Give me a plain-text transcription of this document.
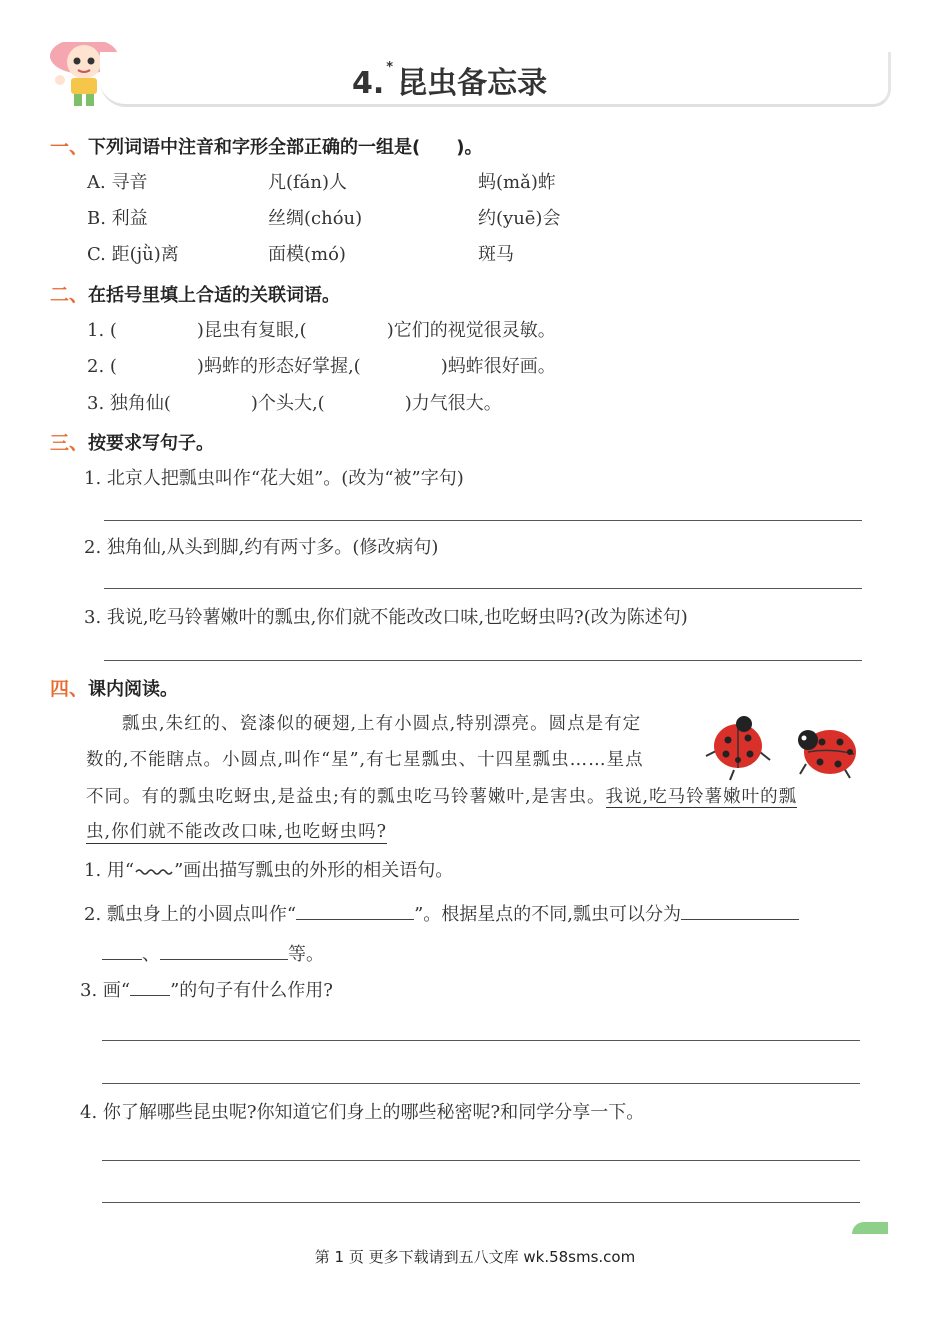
4. * 昆虫备忘录
一、下列词语中注音和字形全部正确的一组是(　　)。
A. 寻音	凡(fán)人	蚂(mǎ)蚱
B. 利益	丝绸(chóu)	约(yuē)会
C. 距(jǜ)离	面模(mó)	斑马
二、在括号里填上合适的关联词语。
1. (	)昆虫有复眼,(	)它们的视觉很灵敏。
2. (	)蚂蚱的形态好掌握,(	)蚂蚱很好画。
3. 独角仙(	)个头大,(	)力气很大。
三、按要求写句子。
1. 北京人把瓢虫叫作“花大姐”。(改为“被”字句)
2. 独角仙,从头到脚,约有两寸多。(修改病句)
3. 我说,吃马铃薯嫩叶的瓢虫,你们就不能改改口味,也吃蚜虫吗?(改为陈述句)
四、课内阅读。
瓢虫,朱红的、瓷漆似的硬翅,上有小圆点,特别漂亮。圆点是有定
数的,不能瞎点。小圆点,叫作“星”,有七星瓢虫、十四星瓢虫……星点
不同。有的瓢虫吃蚜虫,是益虫;有的瓢虫吃马铃薯嫩叶,是害虫。我说,吃马铃薯嫩叶的瓢
虫,你们就不能改改口味,也吃蚜虫吗?
1. 用“ ”画出描写瓢虫的外形的相关语句。
2. 瓢虫身上的小圆点叫作“	”。根据星点的不同,瓢虫可以分为
、	等。
3. 画“ ”的句子有什么作用?
4. 你了解哪些昆虫呢?你知道它们身上的哪些秘密呢?和同学分享一下。
第 1 页 更多下载请到五八文库 wk.58sms.com
